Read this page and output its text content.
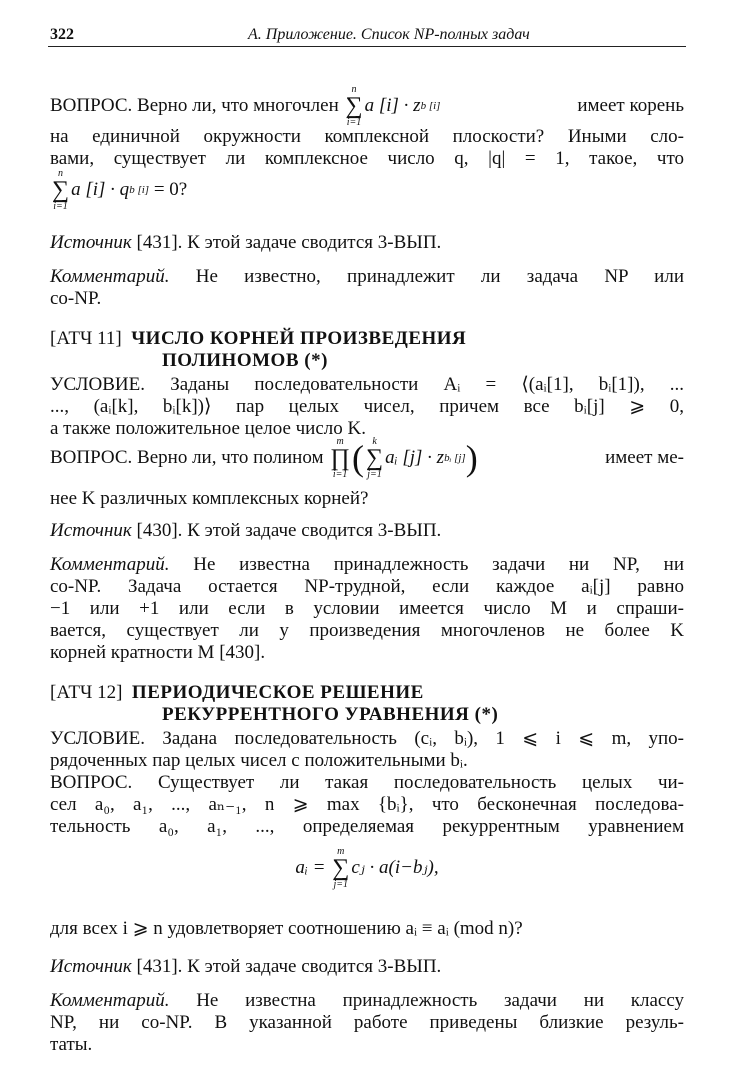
322	А. Приложение. Список NP-полных задач
ВОПРОС.
Верно ли, что многочлен

n
∑
i=1
a [i] · z b [i]	имеет корень
на единичной окружности комплексной плоскости? Иными сло-
вами, существует ли комплексное число q, |q| = 1, такое, что
n
∑
i=1
a [i] · q b [i]
= 0?
Источник [431]. К этой задаче сводится 3-ВЫП.
Комментарий. Не известно, принадлежит ли задача NP или
co-NP.
[АТЧ 11] ЧИСЛО КОРНЕЙ ПРОИЗВЕДЕНИЯ
ПОЛИНОМОВ (*)
УСЛОВИЕ. Заданы последовательности Aᵢ = ⟨(aᵢ[1], bᵢ[1]), ...
..., (aᵢ[k], bᵢ[k])⟩ пар целых чисел, причем все bᵢ[j] ⩾ 0,
а также положительное целое число K.
ВОПРОС.
Верно ли, что полином

m
∏
i=1 ( k
∑
j=1
aᵢ [j] · z bᵢ [j] )	имеет ме-
нее K различных комплексных корней?
Источник [430]. К этой задаче сводится 3-ВЫП.
Комментарий. Не известна принадлежность задачи ни NP, ни
co-NP. Задача остается NP-трудной, если каждое aᵢ[j] равно
−1 или +1 или если в условии имеется число M и спраши-
вается, существует ли у произведения многочленов не более K
корней кратности M [430].
[АТЧ 12] ПЕРИОДИЧЕСКОЕ РЕШЕНИЕ
РЕКУРРЕНТНОГО УРАВНЕНИЯ (*)
УСЛОВИЕ. Задана последовательность (cᵢ, bᵢ), 1 ⩽ i ⩽ m, упо-
рядоченных пар целых чисел с положительными bᵢ.
ВОПРОС. Существует ли такая последовательность целых чи-
сел a₀, a₁, ..., aₙ₋₁, n ⩾ max {bᵢ}, что бесконечная последова-
тельность a₀, a₁, ..., определяемая рекуррентным уравнением
aᵢ =

m
∑
j=1
cⱼ · a(i−bⱼ),
для всех i ⩾ n удовлетворяет соотношению aᵢ ≡ aᵢ (mod n)?
Источник [431]. К этой задаче сводится 3-ВЫП.
Комментарий. Не известна принадлежность задачи ни классу
NP, ни co-NP. В указанной работе приведены близкие резуль-
таты.
